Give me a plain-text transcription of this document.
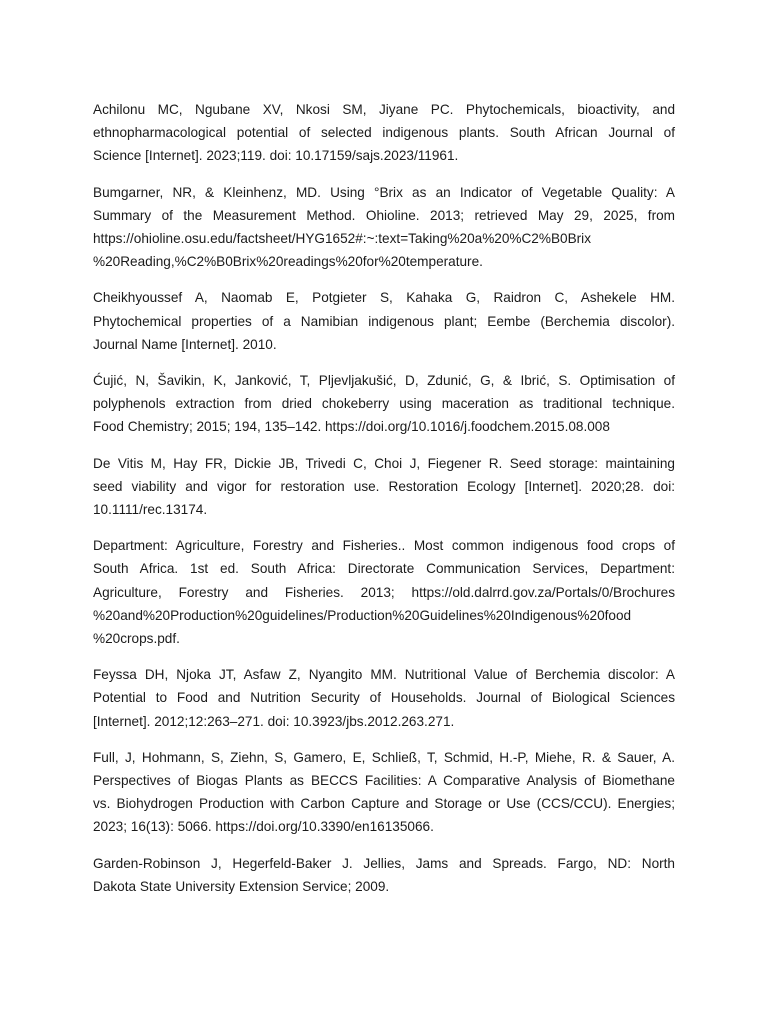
Achilonu MC, Ngubane XV, Nkosi SM, Jiyane PC. Phytochemicals, bioactivity, and
ethnopharmacological potential of selected indigenous plants. South African Journal of
Science [Internet]. 2023;119. doi: 10.17159/sajs.2023/11961.

Bumgarner, NR, & Kleinhenz, MD. Using °Brix as an Indicator of Vegetable Quality: A
Summary of the Measurement Method. Ohioline. 2013; retrieved May 29, 2025, from
https://ohioline.osu.edu/factsheet/HYG1652#:~:text=Taking%20a%20%C2%B0Brix
%20Reading,%C2%B0Brix%20readings%20for%20temperature.

Cheikhyoussef A, Naomab E, Potgieter S, Kahaka G, Raidron C, Ashekele HM.
Phytochemical properties of a Namibian indigenous plant; Eembe (Berchemia discolor).
Journal Name [Internet]. 2010.

Ćujić, N, Šavikin, K, Janković, T, Pljevljakušić, D, Zdunić, G, & Ibrić, S. Optimisation of
polyphenols extraction from dried chokeberry using maceration as traditional technique.
Food Chemistry; 2015; 194, 135–142. https://doi.org/10.1016/j.foodchem.2015.08.008

De Vitis M, Hay FR, Dickie JB, Trivedi C, Choi J, Fiegener R. Seed storage: maintaining
seed viability and vigor for restoration use. Restoration Ecology [Internet]. 2020;28. doi:
10.1111/rec.13174.

Department: Agriculture, Forestry and Fisheries.. Most common indigenous food crops of
South Africa. 1st ed. South Africa: Directorate Communication Services, Department:
Agriculture, Forestry and Fisheries. 2013; https://old.dalrrd.gov.za/Portals/0/Brochures
%20and%20Production%20guidelines/Production%20Guidelines%20Indigenous%20food
%20crops.pdf.

Feyssa DH, Njoka JT, Asfaw Z, Nyangito MM. Nutritional Value of Berchemia discolor: A
Potential to Food and Nutrition Security of Households. Journal of Biological Sciences
[Internet]. 2012;12:263–271. doi: 10.3923/jbs.2012.263.271.

Full, J, Hohmann, S, Ziehn, S, Gamero, E, Schließ, T, Schmid, H.-P, Miehe, R. & Sauer, A.
Perspectives of Biogas Plants as BECCS Facilities: A Comparative Analysis of Biomethane
vs. Biohydrogen Production with Carbon Capture and Storage or Use (CCS/CCU). Energies;
2023; 16(13): 5066. https://doi.org/10.3390/en16135066.

Garden-Robinson J, Hegerfeld-Baker J. Jellies, Jams and Spreads. Fargo, ND: North
Dakota State University Extension Service; 2009.
